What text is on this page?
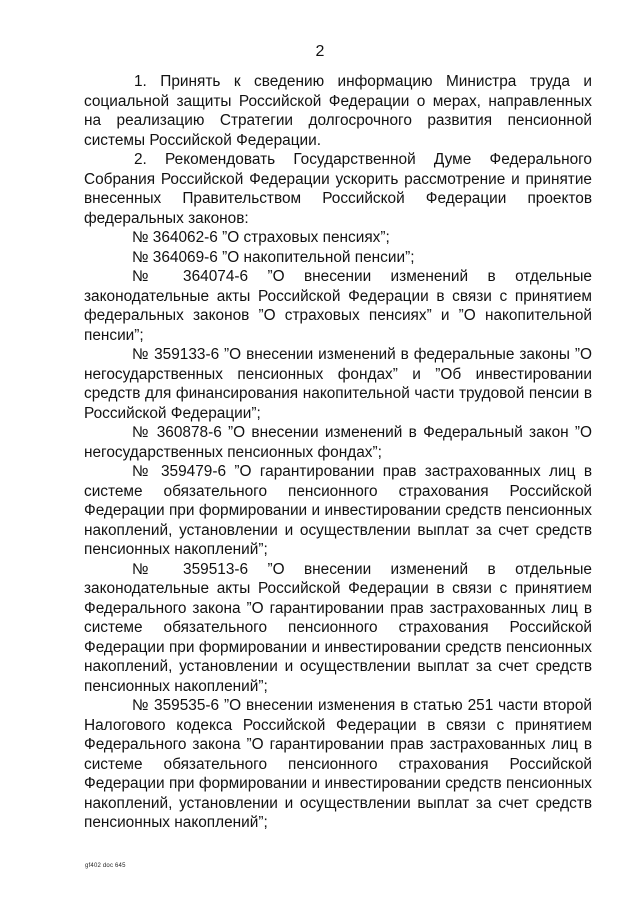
2

1. Принять к сведению информацию Министра труда и социальной защиты Российской Федерации о мерах, направленных на реализацию Стратегии долгосрочного развития пенсионной системы Российской Федерации.

2. Рекомендовать Государственной Думе Федерального Собрания Российской Федерации ускорить рассмотрение и принятие внесенных Правительством Российской Федерации проектов федеральных законов:

№ 364062-6 ”О страховых пенсиях”;

№ 364069-6 ”О накопительной пенсии”;

№ 364074-6 ”О внесении изменений в отдельные законодательные акты Российской Федерации в связи с принятием федеральных законов ”О страховых пенсиях” и ”О накопительной пенсии”;

№ 359133-6 ”О внесении изменений в федеральные законы ”О негосударственных пенсионных фондах” и ”Об инвестировании средств для финансирования накопительной части трудовой пенсии в Российской Федерации”;

№ 360878-6 ”О внесении изменений в Федеральный закон ”О негосударственных пенсионных фондах”;

№ 359479-6 ”О гарантировании прав застрахованных лиц в системе обязательного пенсионного страхования Российской Федерации при формировании и инвестировании средств пенсионных накоплений, установлении и осуществлении выплат за счет средств пенсионных накоплений”;

№ 359513-6 ”О внесении изменений в отдельные законодательные акты Российской Федерации в связи с принятием Федерального закона ”О гарантировании прав застрахованных лиц в системе обязательного пенсионного страхования Российской Федерации при формировании и инвестировании средств пенсионных накоплений, установлении и осуществлении выплат за счет средств пенсионных накоплений”;

№ 359535-6 ”О внесении изменения в статью 251 части второй Налогового кодекса Российской Федерации в связи с принятием Федерального закона ”О гарантировании прав застрахованных лиц в системе обязательного пенсионного страхования Российской Федерации при формировании и инвестировании средств пенсионных накоплений, установлении и осуществлении выплат за счет средств пенсионных накоплений”;

gf402 doc 645
